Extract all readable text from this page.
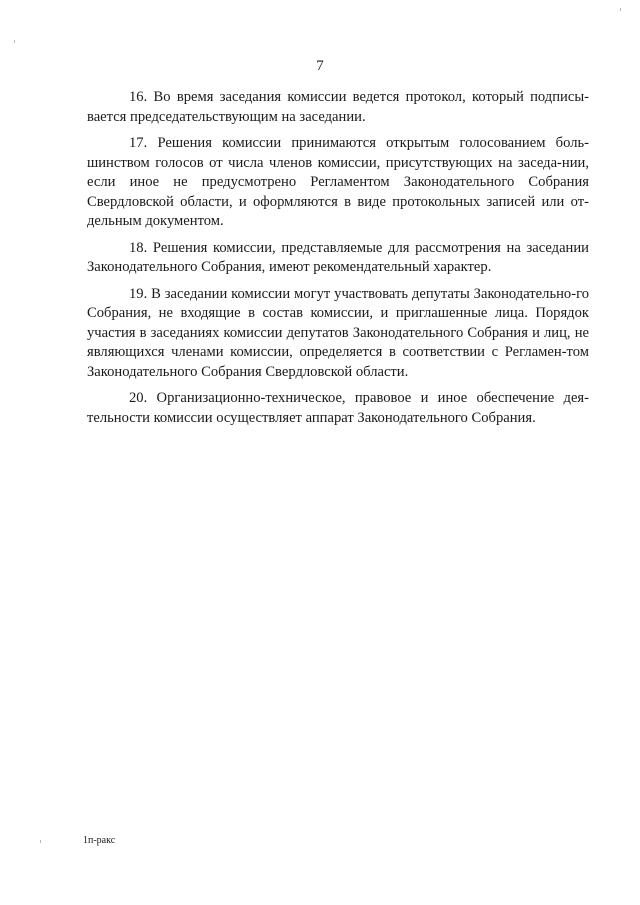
7

16. Во время заседания комиссии ведется протокол, который подписы-вается председательствующим на заседании.

17. Решения комиссии принимаются открытым голосованием боль-шинством голосов от числа членов комиссии, присутствующих на заседа-нии, если иное не предусмотрено Регламентом Законодательного Собрания Свердловской области, и оформляются в виде протокольных записей или от-дельным документом.

18. Решения комиссии, представляемые для рассмотрения на заседании Законодательного Собрания, имеют рекомендательный характер.

19. В заседании комиссии могут участвовать депутаты Законодательно-го Собрания, не входящие в состав комиссии, и приглашенные лица. Порядок участия в заседаниях комиссии депутатов Законодательного Собрания и лиц, не являющихся членами комиссии, определяется в соответствии с Регламен-том Законодательного Собрания Свердловской области.

20. Организационно-техническое, правовое и иное обеспечение дея-тельности комиссии осуществляет аппарат Законодательного Собрания.

1п-ракс
